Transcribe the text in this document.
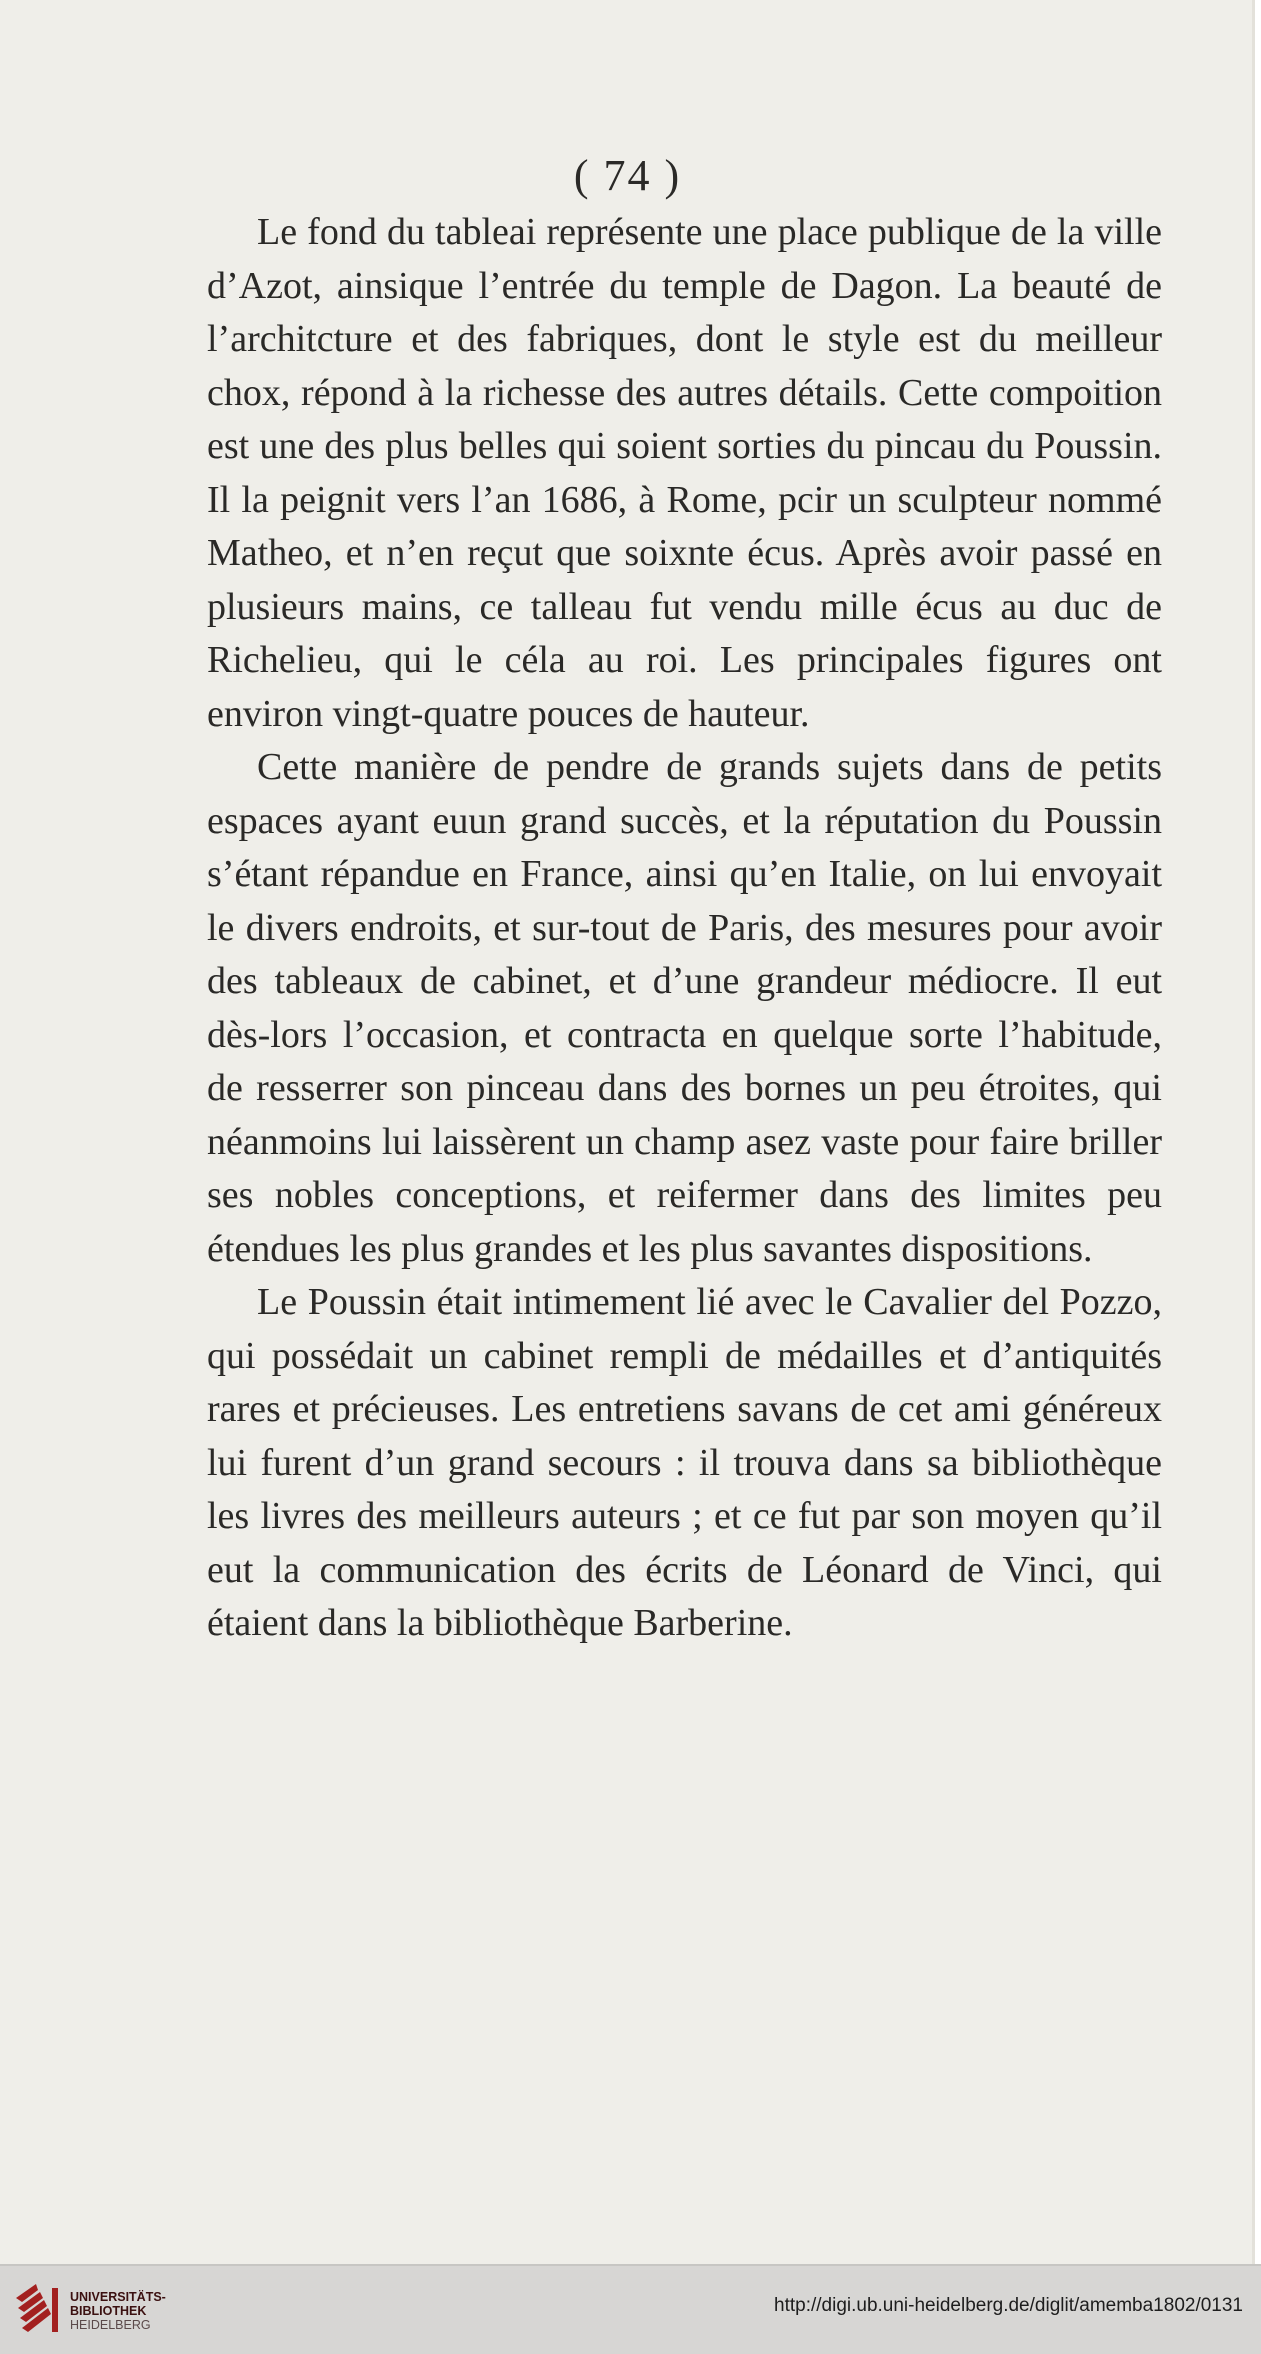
( 74 )

Le fond du tableai représente une place publique de la ville d’Azot, ainsique l’entrée du temple de Dagon. La beauté de l’architcture et des fabriques, dont le style est du meilleur chox, répond à la richesse des autres détails. Cette compoition est une des plus belles qui soient sorties du pincau du Poussin. Il la peignit vers l’an 1686, à Rome, pcir un sculpteur nommé Matheo, et n’en reçut que soixnte écus. Après avoir passé en plusieurs mains, ce talleau fut vendu mille écus au duc de Richelieu, qui le céla au roi. Les principales figures ont environ vingt-quatre pouces de hauteur.

Cette manière de pendre de grands sujets dans de petits espaces ayant euun grand succès, et la réputation du Poussin s’étant répandue en France, ainsi qu’en Italie, on lui envoyait le divers endroits, et sur-tout de Paris, des mesures pour avoir des tableaux de cabinet, et d’une grandeur médiocre. Il eut dès-lors l’occasion, et contracta en quelque sorte l’habitude, de resserrer son pinceau dans des bornes un peu étroites, qui néanmoins lui laissèrent un champ asez vaste pour faire briller ses nobles conceptions, et reifermer dans des limites peu étendues les plus grandes et les plus savantes dispositions.

Le Poussin était intimement lié avec le Cavalier del Pozzo, qui possédait un cabinet rempli de médailles et d’antiquités rares et précieuses. Les entretiens savans de cet ami généreux lui furent d’un grand secours : il trouva dans sa bibliothèque les livres des meilleurs auteurs ; et ce fut par son moyen qu’il eut la communication des écrits de Léonard de Vinci, qui étaient dans la bibliothèque Barberine.

UNIVERSITÄTS-
BIBLIOTHEK
HEIDELBERG
http://digi.ub.uni-heidelberg.de/diglit/amemba1802/0131
